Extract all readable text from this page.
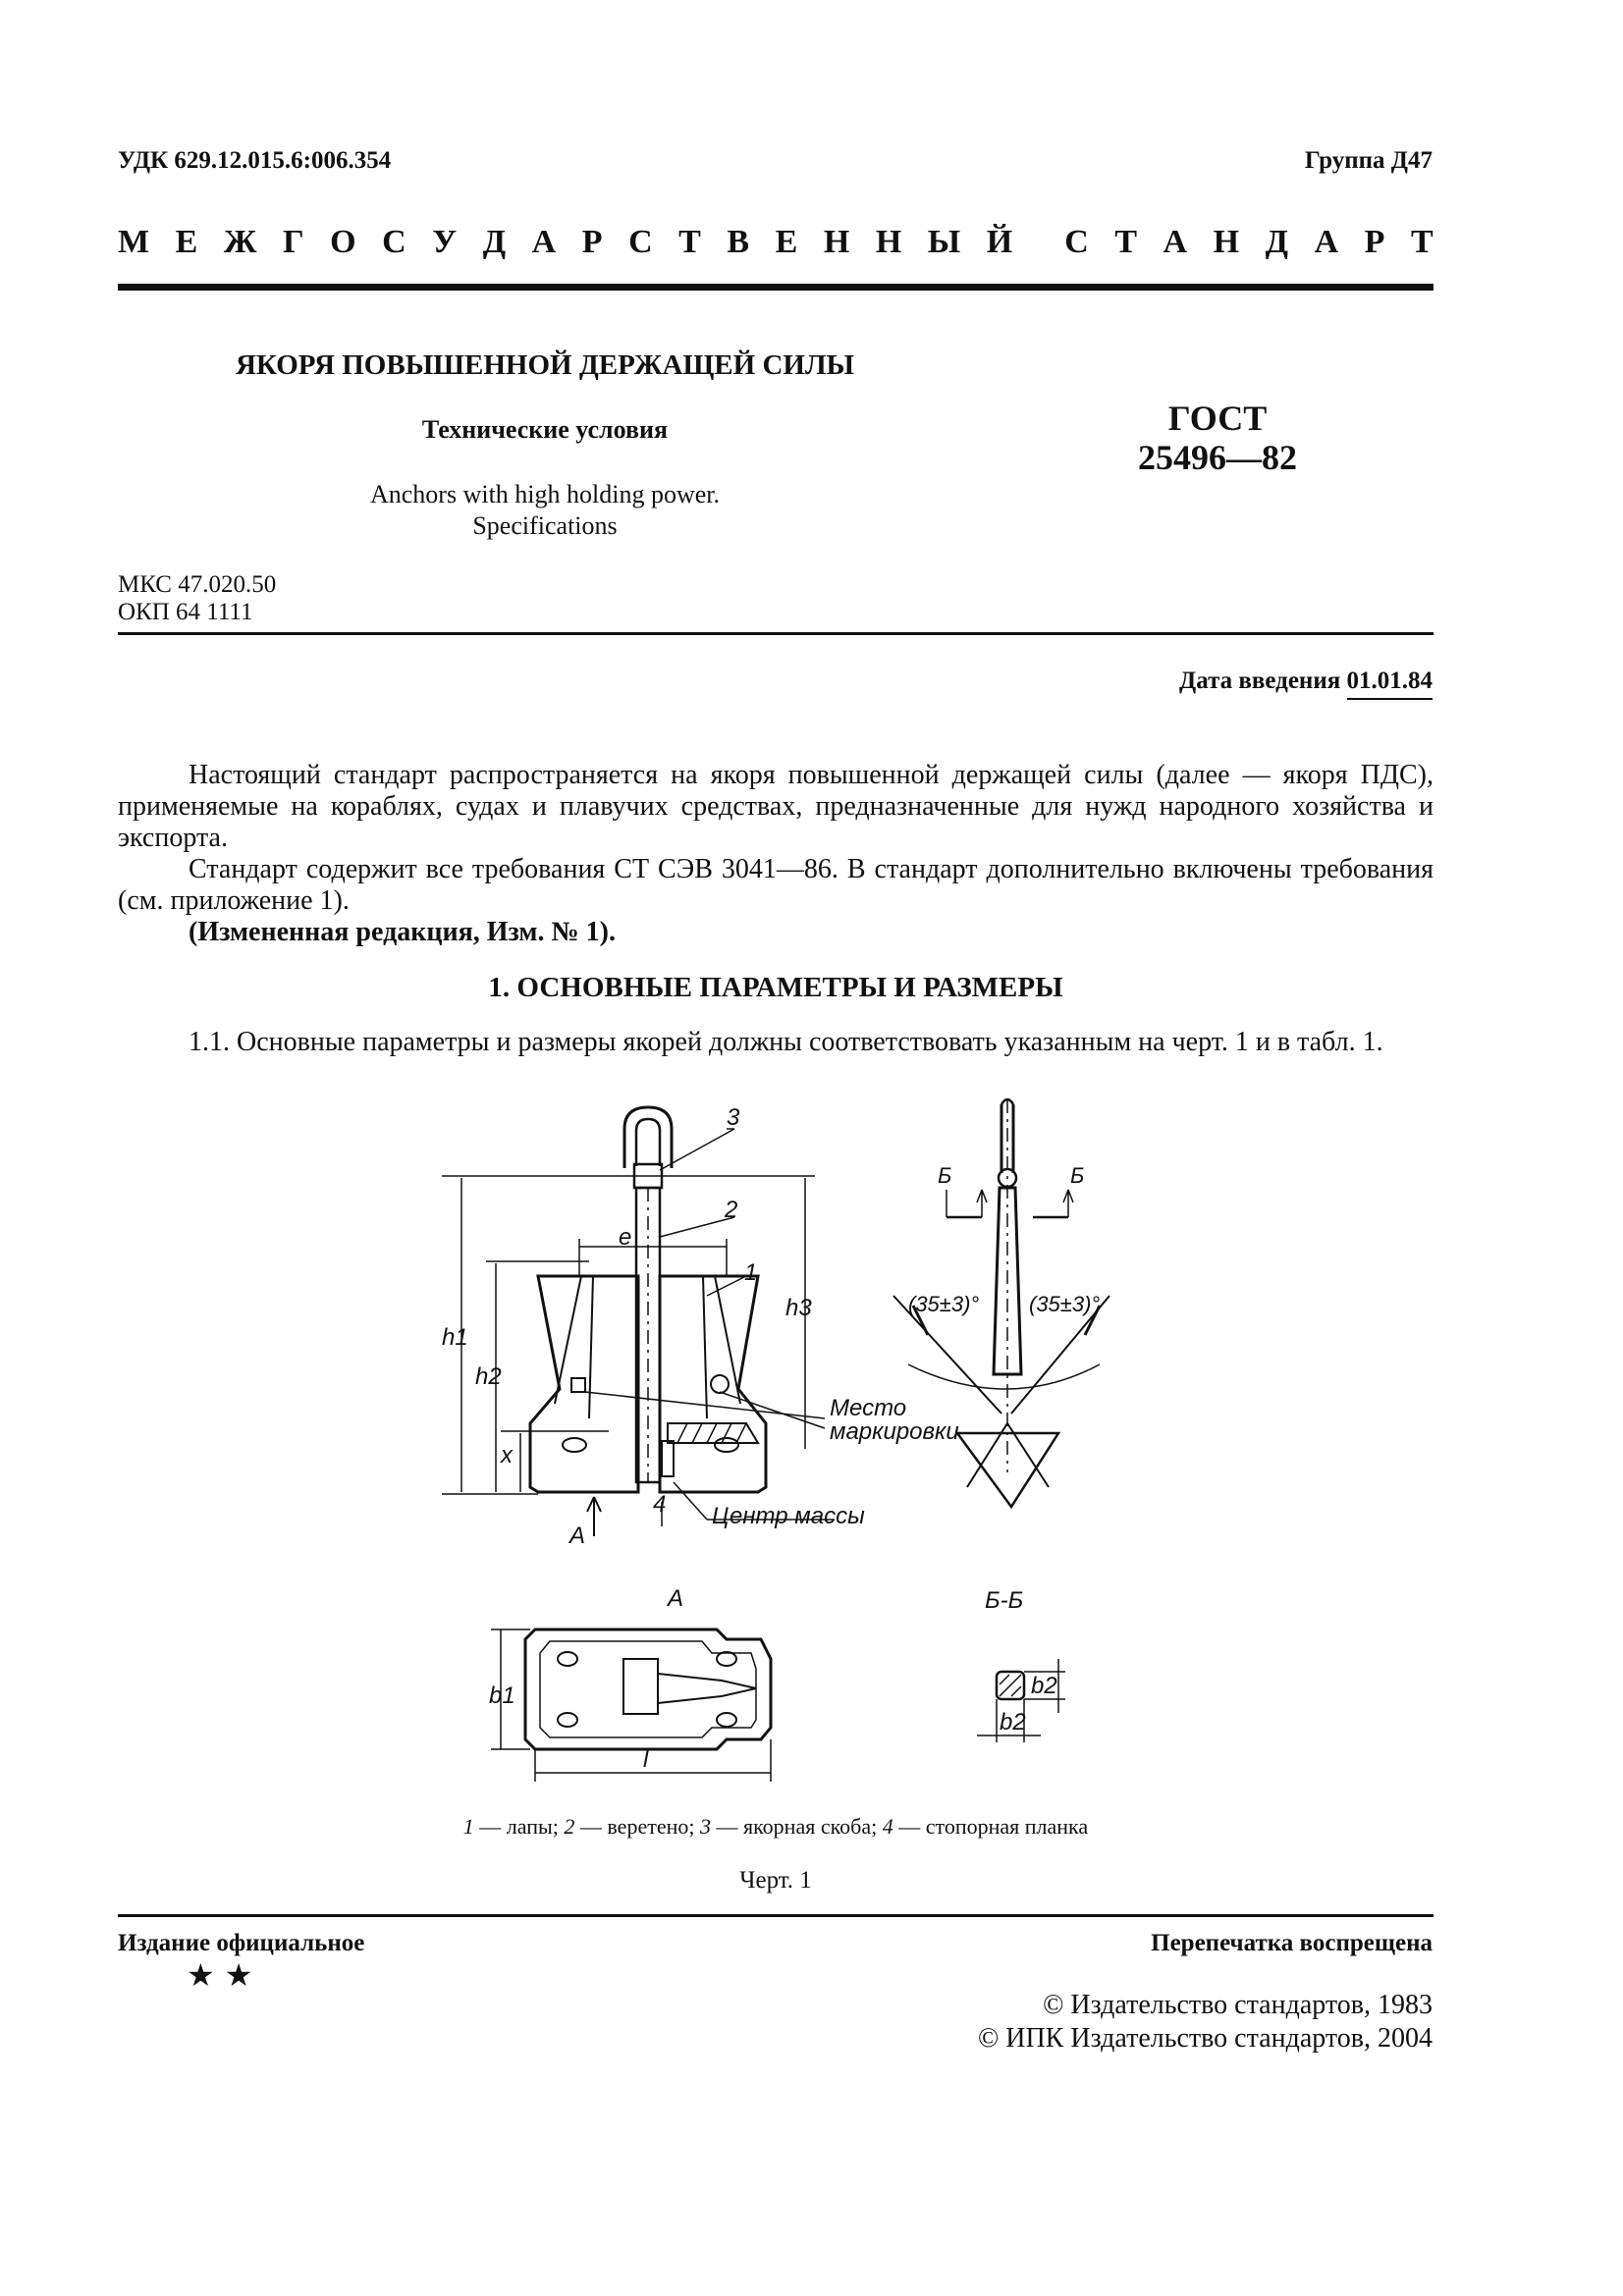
УДК 629.12.015.6:006.354	Группа Д47
М Е Ж Г О С У Д А Р С Т В Е Н Н Ы Й С Т А Н Д А Р Т
ЯКОРЯ ПОВЫШЕННОЙ ДЕРЖАЩЕЙ СИЛЫ
Технические условия
Anchors with high holding power.
Specifications
ГОСТ
25496—82
МКС 47.020.50
ОКП 64 1111
Дата введения 01.01.84
Настоящий стандарт распространяется на якоря повышенной держащей силы (далее — якоря ПДС), применяемые на кораблях, судах и плавучих средствах, предназначенные для нужд народного хозяйства и экспорта.
Стандарт содержит все требования СТ СЭВ 3041—86. В стандарт дополнительно включены требования (см. приложение 1).
(Измененная редакция, Изм. № 1).
1. ОСНОВНЫЕ ПАРАМЕТРЫ И РАЗМЕРЫ
1.1. Основные параметры и размеры якорей должны соответствовать указанным на черт. 1 и в табл. 1.
3
2
1
4
e
h1
h2
x
h3
A
Место
маркировки
Центр массы
Б	Б
(35±3)° (35±3)°
А
b1
l
Б-Б
b2
b2
1 — лапы; 2 — веретено; 3 — якорная скоба; 4 — стопорная планка
Черт. 1
Издание официальное
★★
Перепечатка воспрещена
© Издательство стандартов, 1983
© ИПК Издательство стандартов, 2004
